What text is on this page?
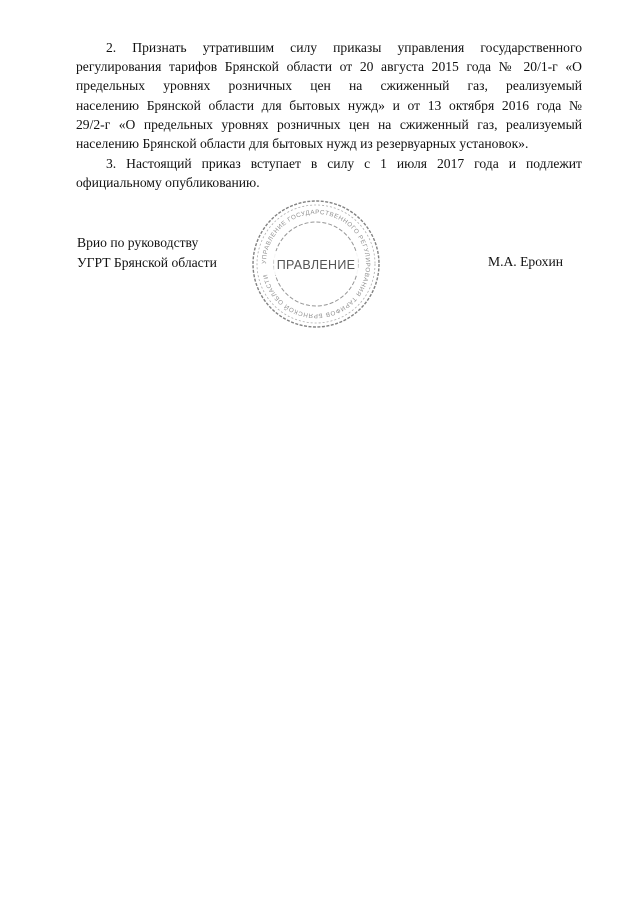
2. Признать утратившим силу приказы управления государственного
регулирования тарифов Брянской области от 20 августа 2015 года № 20/1-г «О
предельных уровнях розничных цен на сжиженный газ, реализуемый
населению Брянской области для бытовых нужд» и от 13 октября 2016 года №
29/2-г «О предельных уровнях розничных цен на сжиженный газ, реализуемый
населению Брянской области для бытовых нужд из резервуарных установок».
3. Настоящий приказ вступает в силу с 1 июля 2017 года и подлежит
официальному опубликованию.
Врио по руководству
УГРТ Брянской области	М.А. Ерохин
УПРАВЛЕНИЕ ГОСУДАРСТВЕННОГО РЕГУЛИРОВАНИЯ ТАРИФОВ БРЯНСКОЙ ОБЛАСТИ
ПРАВЛЕНИЕ
